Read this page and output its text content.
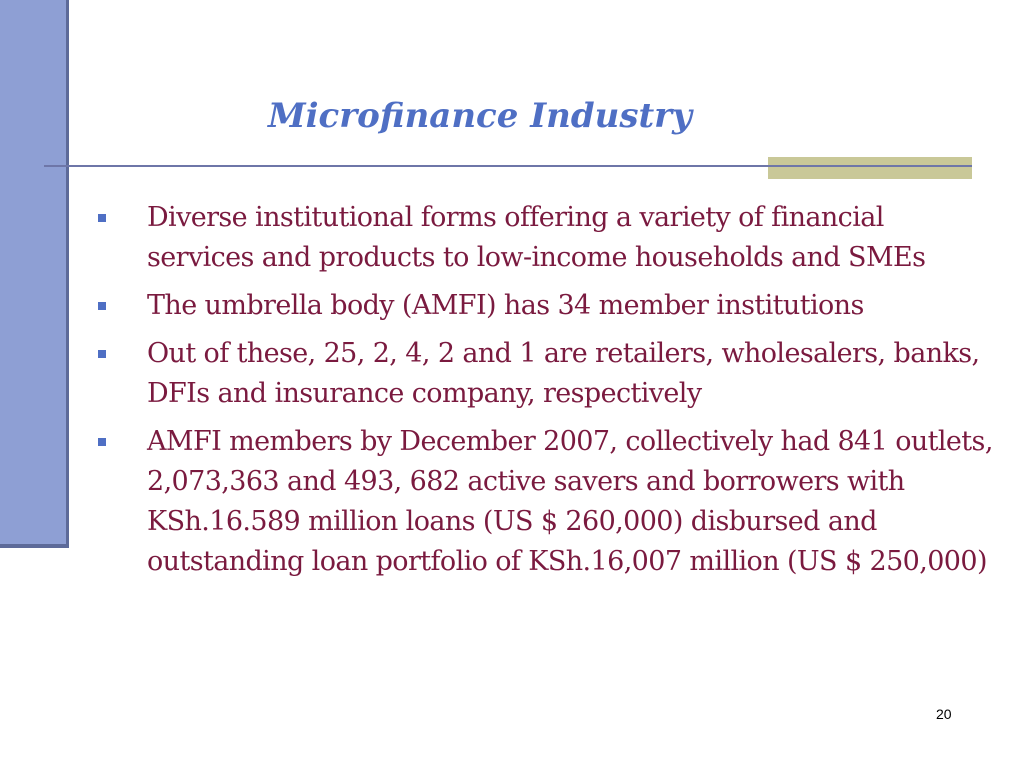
Microfinance Industry
Diverse institutional forms offering a variety of financial services and products to low-income households and SMEs
The umbrella body (AMFI) has 34 member institutions
Out of these, 25, 2, 4, 2 and 1 are retailers, wholesalers, banks, DFIs and insurance company, respectively
AMFI members by December 2007, collectively had 841 outlets, 2,073,363 and 493, 682 active savers and borrowers with KSh.16.589 million loans (US $ 260,000) disbursed and outstanding loan portfolio of KSh.16,007 million (US $ 250,000)
20
